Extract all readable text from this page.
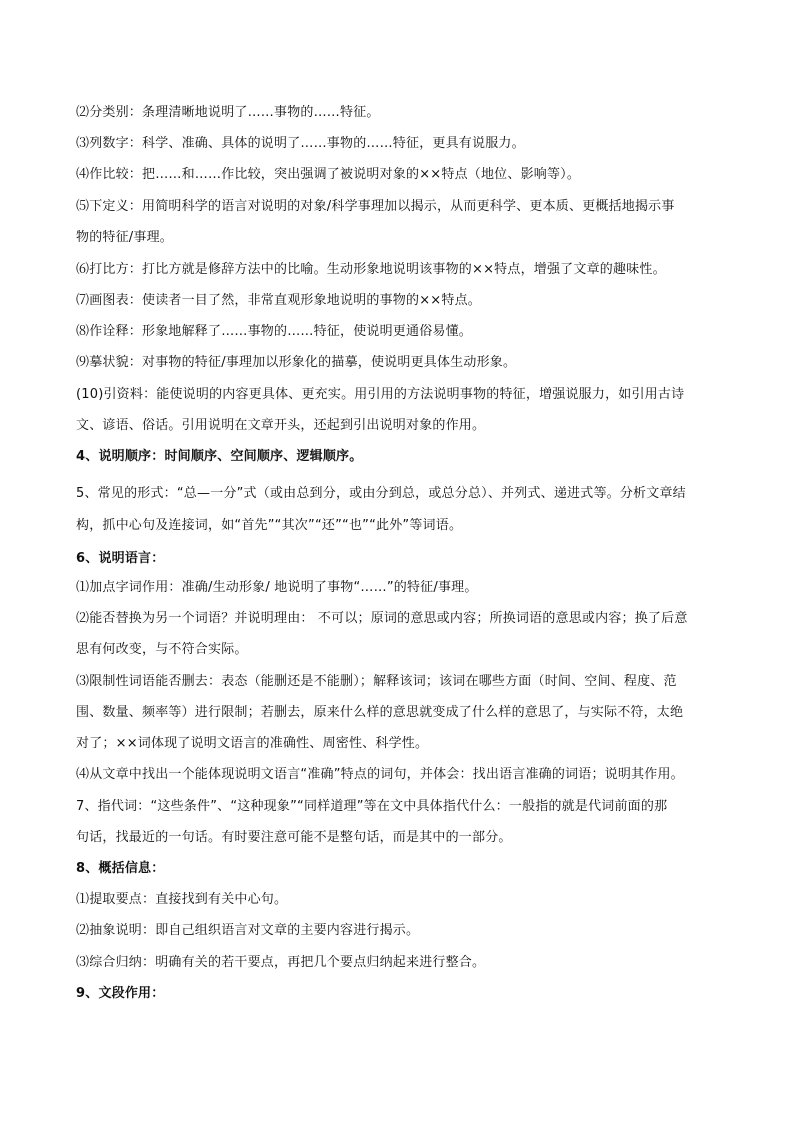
⑵分类别：条理清晰地说明了……事物的……特征。
⑶列数字：科学、准确、具体的说明了……事物的……特征，更具有说服力。
⑷作比较：把……和……作比较，突出强调了被说明对象的××特点（地位、影响等）。
⑸下定义：用简明科学的语言对说明的对象/科学事理加以揭示，从而更科学、更本质、更概括地揭示事
物的特征/事理。
⑹打比方：打比方就是修辞方法中的比喻。生动形象地说明该事物的××特点，增强了文章的趣味性。
⑺画图表：使读者一目了然，非常直观形象地说明的事物的××特点。
⑻作诠释：形象地解释了……事物的……特征，使说明更通俗易懂。
⑼摹状貌：对事物的特征/事理加以形象化的描摹，使说明更具体生动形象。
(10)引资料：能使说明的内容更具体、更充实。用引用的方法说明事物的特征，增强说服力，如引用古诗
文、谚语、俗话。引用说明在文章开头，还起到引出说明对象的作用。
4、说明顺序：时间顺序、空间顺序、逻辑顺序。
5、常见的形式：“总—一分”式（或由总到分，或由分到总，或总分总）、并列式、递进式等。分析文章结
构，抓中心句及连接词，如“首先”“其次”“还”“也”“此外”等词语。
6、说明语言：
⑴加点字词作用：准确/生动形象/ 地说明了事物“……”的特征/事理。
⑵能否替换为另一个词语？并说明理由： 不可以；原词的意思或内容；所换词语的意思或内容；换了后意
思有何改变，与不符合实际。
⑶限制性词语能否删去：表态（能删还是不能删）；解释该词；该词在哪些方面（时间、空间、程度、范
围、数量、频率等）进行限制；若删去，原来什么样的意思就变成了什么样的意思了，与实际不符，太绝
对了；××词体现了说明文语言的准确性、周密性、科学性。
⑷从文章中找出一个能体现说明文语言“准确”特点的词句，并体会：找出语言准确的词语；说明其作用。
7、指代词：“这些条件”、“这种现象”“同样道理”等在文中具体指代什么：一般指的就是代词前面的那
句话，找最近的一句话。有时要注意可能不是整句话，而是其中的一部分。
8、概括信息：
⑴提取要点：直接找到有关中心句。
⑵抽象说明：即自己组织语言对文章的主要内容进行揭示。
⑶综合归纳：明确有关的若干要点，再把几个要点归纳起来进行整合。
9、文段作用：
